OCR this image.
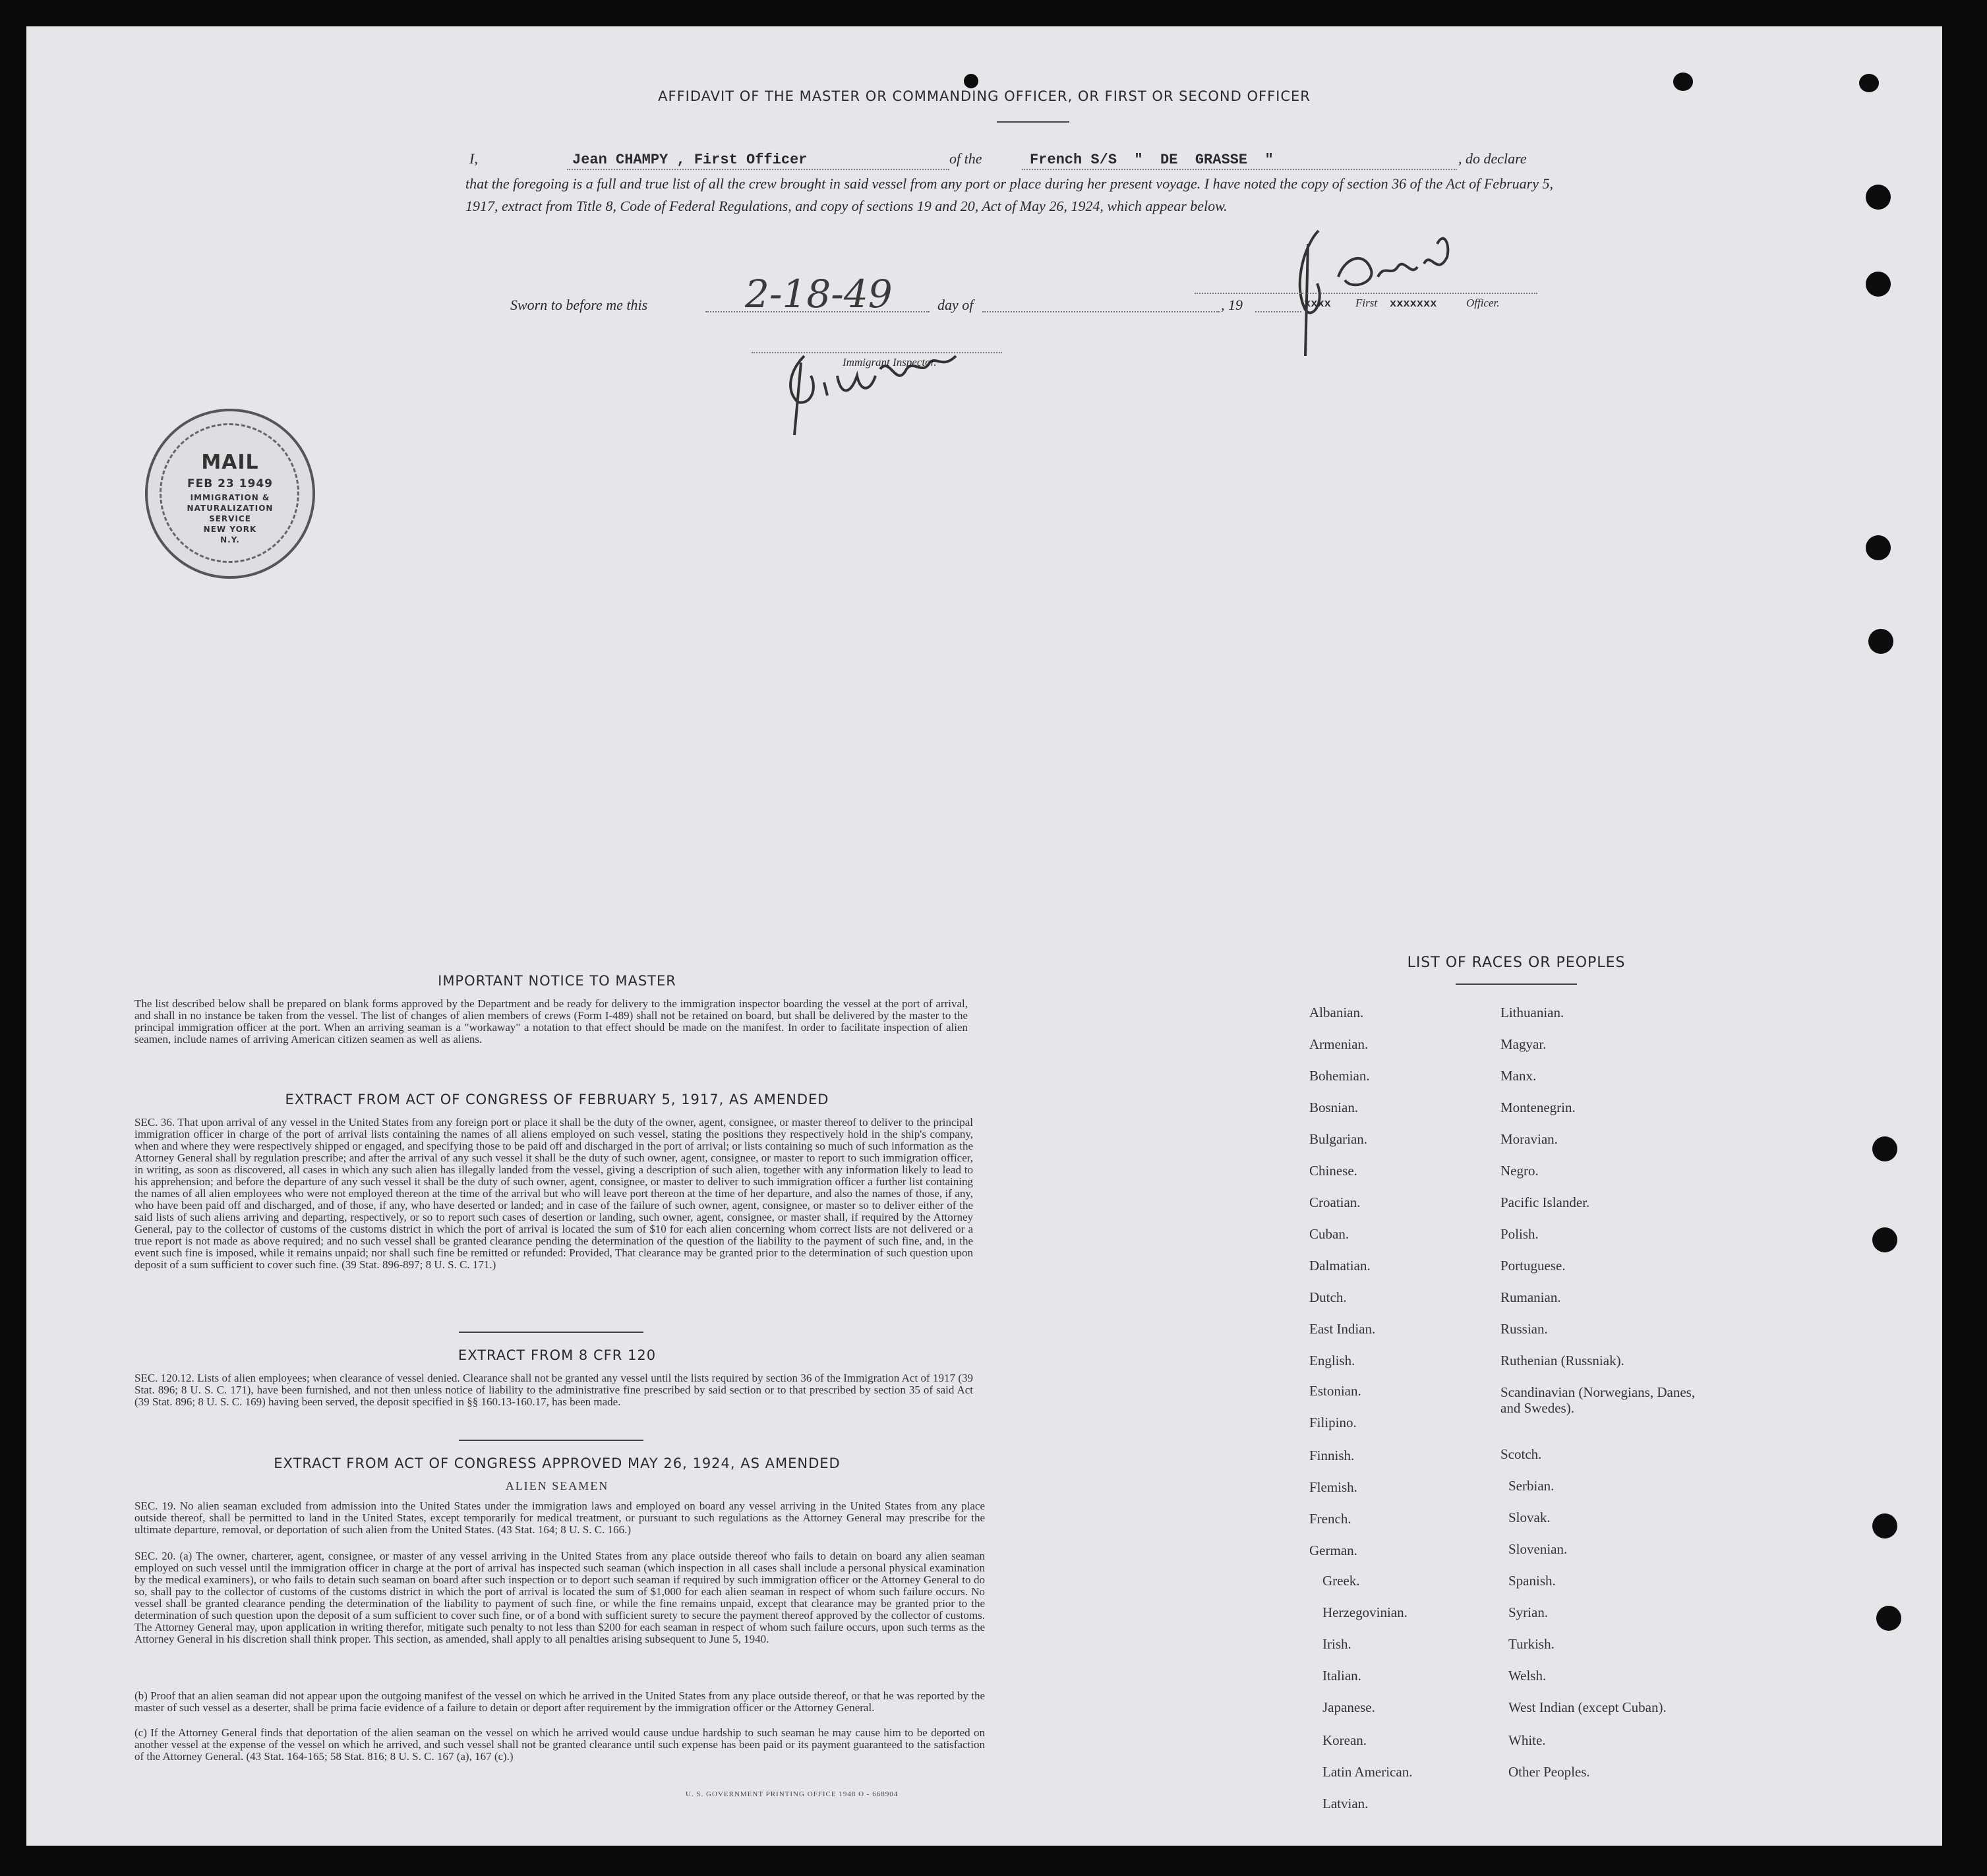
AFFIDAVIT OF THE MASTER OR COMMANDING OFFICER, OR FIRST OR SECOND OFFICER
I,	Jean CHAMPY , First Officer	of the	French S/S  "  DE  GRASSE  "	, do declare
that the foregoing is a full and true list of all the crew brought in said vessel from any port or place during her present voyage. I have noted the copy of section 36 of the Act of February 5, 1917, extract from Title 8, Code of Federal Regulations, and copy of sections 19 and 20, Act of May 26, 1924, which appear below.
Sworn to before me this	2-18-49	day of	, 19	xxxx First xxxxxxx	Officer.
Immigrant Inspector.
MAIL
FEB 23 1949
IMMIGRATION &
NATURALIZATION
SERVICE
NEW YORK
N.Y.
IMPORTANT NOTICE TO MASTER
The list described below shall be prepared on blank forms approved by the Department and be ready for delivery to the immigration inspector boarding the vessel at the port of arrival, and shall in no instance be taken from the vessel. The list of changes of alien members of crews (Form I-489) shall not be retained on board, but shall be delivered by the master to the principal immigration officer at the port. When an arriving seaman is a "workaway" a notation to that effect should be made on the manifest. In order to facilitate inspection of alien seamen, include names of arriving American citizen seamen as well as aliens.
EXTRACT FROM ACT OF CONGRESS OF FEBRUARY 5, 1917, AS AMENDED
SEC. 36. That upon arrival of any vessel in the United States from any foreign port or place it shall be the duty of the owner, agent, consignee, or master thereof to deliver to the principal immigration officer in charge of the port of arrival lists containing the names of all aliens employed on such vessel, stating the positions they respectively hold in the ship's company, when and where they were respectively shipped or engaged, and specifying those to be paid off and discharged in the port of arrival; or lists containing so much of such information as the Attorney General shall by regulation prescribe; and after the arrival of any such vessel it shall be the duty of such owner, agent, consignee, or master to report to such immigration officer, in writing, as soon as discovered, all cases in which any such alien has illegally landed from the vessel, giving a description of such alien, together with any information likely to lead to his apprehension; and before the departure of any such vessel it shall be the duty of such owner, agent, consignee, or master to deliver to such immigration officer a further list containing the names of all alien employees who were not employed thereon at the time of the arrival but who will leave port thereon at the time of her departure, and also the names of those, if any, who have been paid off and discharged, and of those, if any, who have deserted or landed; and in case of the failure of such owner, agent, consignee, or master so to deliver either of the said lists of such aliens arriving and departing, respectively, or so to report such cases of desertion or landing, such owner, agent, consignee, or master shall, if required by the Attorney General, pay to the collector of customs of the customs district in which the port of arrival is located the sum of $10 for each alien concerning whom correct lists are not delivered or a true report is not made as above required; and no such vessel shall be granted clearance pending the determination of the question of the liability to the payment of such fine, and, in the event such fine is imposed, while it remains unpaid; nor shall such fine be remitted or refunded: Provided, That clearance may be granted prior to the determination of such question upon deposit of a sum sufficient to cover such fine. (39 Stat. 896-897; 8 U. S. C. 171.)
EXTRACT FROM 8 CFR 120
SEC. 120.12. Lists of alien employees; when clearance of vessel denied. Clearance shall not be granted any vessel until the lists required by section 36 of the Immigration Act of 1917 (39 Stat. 896; 8 U. S. C. 171), have been furnished, and not then unless notice of liability to the administrative fine prescribed by said section or to that prescribed by section 35 of said Act (39 Stat. 896; 8 U. S. C. 169) having been served, the deposit specified in §§ 160.13-160.17, has been made.
EXTRACT FROM ACT OF CONGRESS APPROVED MAY 26, 1924, AS AMENDED
ALIEN SEAMEN
SEC. 19. No alien seaman excluded from admission into the United States under the immigration laws and employed on board any vessel arriving in the United States from any place outside thereof, shall be permitted to land in the United States, except temporarily for medical treatment, or pursuant to such regulations as the Attorney General may prescribe for the ultimate departure, removal, or deportation of such alien from the United States. (43 Stat. 164; 8 U. S. C. 166.)
SEC. 20. (a) The owner, charterer, agent, consignee, or master of any vessel arriving in the United States from any place outside thereof who fails to detain on board any alien seaman employed on such vessel until the immigration officer in charge at the port of arrival has inspected such seaman (which inspection in all cases shall include a personal physical examination by the medical examiners), or who fails to detain such seaman on board after such inspection or to deport such seaman if required by such immigration officer or the Attorney General to do so, shall pay to the collector of customs of the customs district in which the port of arrival is located the sum of $1,000 for each alien seaman in respect of whom such failure occurs. No vessel shall be granted clearance pending the determination of the liability to payment of such fine, or while the fine remains unpaid, except that clearance may be granted prior to the determination of such question upon the deposit of a sum sufficient to cover such fine, or of a bond with sufficient surety to secure the payment thereof approved by the collector of customs. The Attorney General may, upon application in writing therefor, mitigate such penalty to not less than $200 for each seaman in respect of whom such failure occurs, upon such terms as the Attorney General in his discretion shall think proper. This section, as amended, shall apply to all penalties arising subsequent to June 5, 1940.
(b) Proof that an alien seaman did not appear upon the outgoing manifest of the vessel on which he arrived in the United States from any place outside thereof, or that he was reported by the master of such vessel as a deserter, shall be prima facie evidence of a failure to detain or deport after requirement by the immigration officer or the Attorney General.
(c) If the Attorney General finds that deportation of the alien seaman on the vessel on which he arrived would cause undue hardship to such seaman he may cause him to be deported on another vessel at the expense of the vessel on which he arrived, and such vessel shall not be granted clearance until such expense has been paid or its payment guaranteed to the satisfaction of the Attorney General. (43 Stat. 164-165; 58 Stat. 816; 8 U. S. C. 167 (a), 167 (c).)
U. S. GOVERNMENT PRINTING OFFICE 1948 O - 668904
LIST OF RACES OR PEOPLES
Albanian.
Armenian.
Bohemian.
Bosnian.
Bulgarian.
Chinese.
Croatian.
Cuban.
Dalmatian.
Dutch.
East Indian.
English.
Estonian.
Filipino.
Finnish.
Flemish.
French.
German.
Greek.
Herzegovinian.
Irish.
Italian.
Japanese.
Korean.
Latin American.
Latvian.
Lithuanian.
Magyar.
Manx.
Montenegrin.
Moravian.
Negro.
Pacific Islander.
Polish.
Portuguese.
Rumanian.
Russian.
Ruthenian (Russniak).
Scandinavian (Norwegians, Danes, and Swedes).
Scotch.
Serbian.
Slovak.
Slovenian.
Spanish.
Syrian.
Turkish.
Welsh.
West Indian (except Cuban).
White.
Other Peoples.
